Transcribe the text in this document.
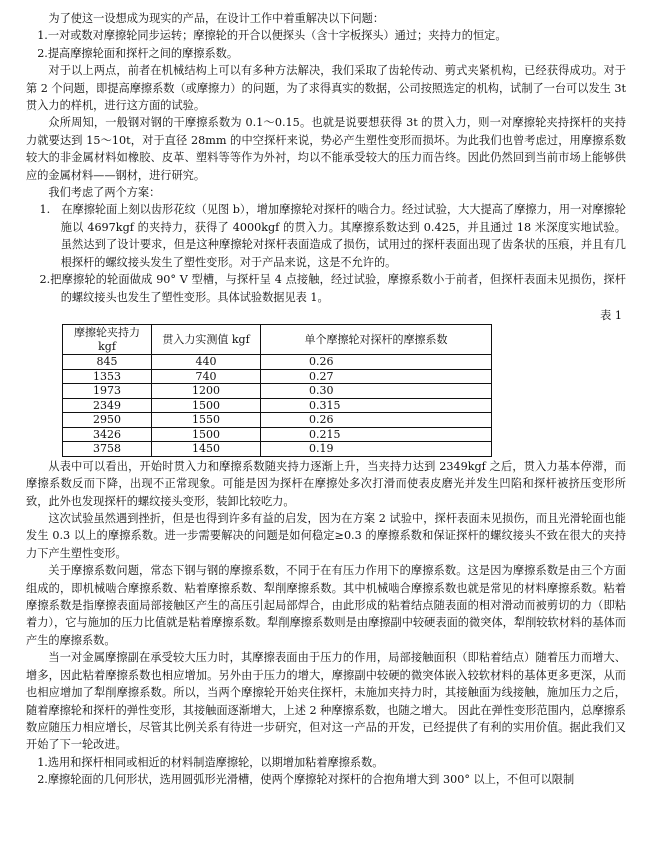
为了使这一设想成为现实的产品，在设计工作中着重解决以下问题：

1.一对或数对摩擦轮同步运转；摩擦轮的开合以便探头（含十字板探头）通过；夹持力的恒定。

2.提高摩擦轮面和探杆之间的摩擦系数。

对于以上两点，前者在机械结构上可以有多种方法解决，我们采取了齿轮传动、剪式夹紧机构，已经获得成功。对于第 2 个问题，即提高摩擦系数（或摩擦力）的问题，为了求得真实的数据，公司按照选定的机构，试制了一台可以发生 3t 贯入力的样机，进行这方面的试验。

众所周知，一般钢对钢的干摩擦系数为 0.1～0.15。也就是说要想获得 3t 的贯入力，则一对摩擦轮夹持探杆的夹持力就要达到 15～10t，对于直径 28mm 的中空探杆来说，势必产生塑性变形而损坏。为此我们也曾考虑过，用摩擦系数较大的非金属材料如橡胶、皮革、塑料等等作为外衬，均以不能承受较大的压力而告终。因此仍然回到当前市场上能够供应的金属材料——钢材，进行研究。

我们考虑了两个方案：

1.　在摩擦轮面上刻以齿形花纹（见图 b），增加摩擦轮对探杆的啮合力。经过试验，大大提高了摩擦力，用一对摩擦轮施以 4697kgf 的夹持力，获得了 4000kgf 的贯入力。其摩擦系数达到 0.425，并且通过 18 米深度实地试验。虽然达到了设计要求，但是这种摩擦轮对探杆表面造成了损伤，试用过的探杆表面出现了齿条状的压痕，并且有几根探杆的螺纹接头发生了塑性变形。对于产品来说，这是不允许的。

2.把摩擦轮的轮面做成 90° V 型槽，与探杆呈 4 点接触，经过试验，摩擦系数小于前者，但探杆表面未见损伤，探杆的螺纹接头也发生了塑性变形。具体试验数据见表 1。

表 1

摩擦轮夹持力 kgf	贯入力实测值 kgf	单个摩擦轮对探杆的摩擦系数
845	440	0.26
1353	740	0.27
1973	1200	0.30
2349	1500	0.315
2950	1550	0.26
3426	1500	0.215
3758	1450	0.19

从表中可以看出，开始时贯入力和摩擦系数随夹持力逐渐上升，当夹持力达到 2349kgf 之后，贯入力基本停滞，而摩擦系数反而下降，出现不正常现象。可能是因为探杆在摩擦处多次打滑而使表皮磨光并发生凹陷和探杆被挤压变形所致，此外也发现探杆的螺纹接头变形，装卸比较吃力。

这次试验虽然遇到挫折，但是也得到许多有益的启发，因为在方案 2 试验中，探杆表面未见损伤，而且光滑轮面也能发生 0.3 以上的摩擦系数。进一步需要解决的问题是如何稳定≥0.3 的摩擦系数和保证探杆的螺纹接头不致在很大的夹持力下产生塑性变形。

关于摩擦系数问题，常态下钢与钢的摩擦系数，不同于在有压力作用下的摩擦系数。这是因为摩擦系数是由三个方面组成的，即机械啮合摩擦系数、粘着摩擦系数、犁削摩擦系数。其中机械啮合摩擦系数也就是常见的材料摩擦系数。粘着摩擦系数是指摩擦表面局部接触区产生的高压引起局部焊合，由此形成的粘着结点随表面的相对滑动而被剪切的力（即粘着力），它与施加的压力比值就是粘着摩擦系数。犁削摩擦系数则是由摩擦副中较硬表面的微突体，犁削较软材料的基体而产生的摩擦系数。

当一对金属摩擦副在承受较大压力时，其摩擦表面由于压力的作用，局部接触面积（即粘着结点）随着压力而增大、增多，因此粘着摩擦系数也相应增加。另外由于压力的增大，摩擦副中较硬的微突体嵌入较软材料的基体更多更深，从而也相应增加了犁削摩擦系数。所以，当两个摩擦轮开始夹住探杆，未施加夹持力时，其接触面为线接触，施加压力之后，随着摩擦轮和探杆的弹性变形，其接触面逐渐增大，上述 2 种摩擦系数，也随之增大。 因此在弹性变形范围内，总摩擦系数应随压力相应增长，尽管其比例关系有待进一步研究，但对这一产品的开发，已经提供了有利的实用价值。据此我们又开始了下一轮改进。

1.选用和探杆相同或相近的材料制造摩擦轮，以期增加粘着摩擦系数。

2.摩擦轮面的几何形状，选用圆弧形光滑槽，使两个摩擦轮对探杆的合抱角增大到 300° 以上，不但可以限制
